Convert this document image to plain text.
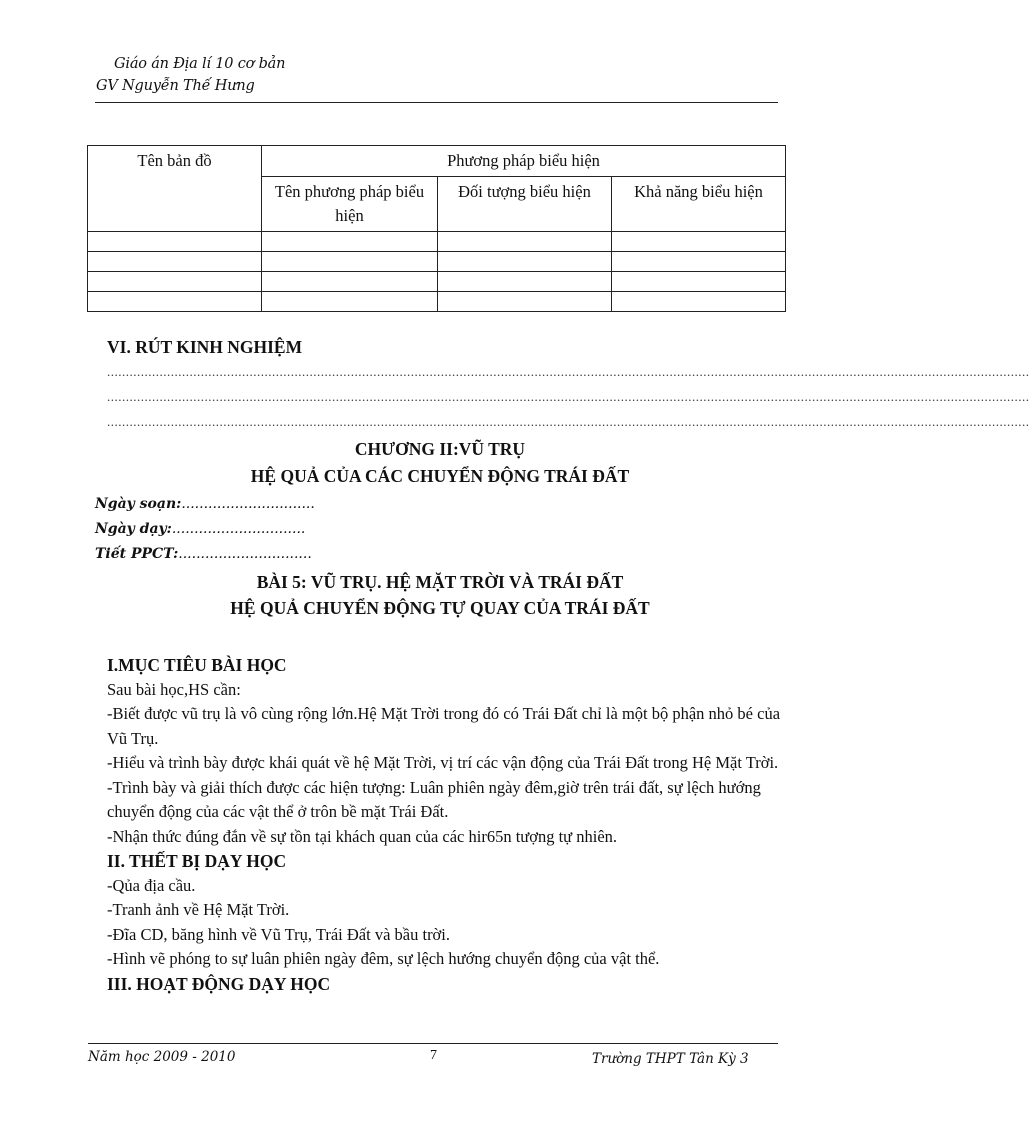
Giáo án Địa lí 10 cơ bản
GV Nguyễn Thế Hưng
Tên bản đồ	Phương pháp biểu hiện		
	Tên phương pháp biểu hiện	Đối tượng biểu hiện	Khả năng biểu hiện

VI. RÚT KINH NGHIỆM
......................................................................................................................................................................................................................................................
......................................................................................................................................................................................................................................................
......................................................................................................................................................................................................................................................
CHƯƠNG II:VŨ TRỤ
HỆ QUẢ CỦA CÁC CHUYỂN ĐỘNG TRÁI ĐẤT
Ngày soạn:..............................
Ngày dạy:..............................
Tiết PPCT:..............................
BÀI 5: VŨ TRỤ. HỆ MẶT TRỜI VÀ TRÁI ĐẤT
HỆ QUẢ CHUYỂN ĐỘNG TỰ QUAY CỦA TRÁI ĐẤT

I.MỤC TIÊU BÀI HỌC

Sau bài học,HS cần:

-Biết được vũ trụ là vô cùng rộng lớn.Hệ Mặt Trời trong đó có Trái Đất chỉ là một bộ phận nhỏ bé của Vũ Trụ.

-Hiểu và trình bày được khái quát về hệ Mặt Trời, vị trí các vận động của Trái Đất trong Hệ Mặt Trời.

-Trình bày và giải thích được các hiện tượng: Luân phiên ngày đêm,giờ trên trái đất, sự lệch hướng chuyển động của các vật thể ở trôn bề mặt Trái Đất.

-Nhận thức đúng đắn về sự tồn tại khách quan của các hir65n tượng tự nhiên.

II. THẾT BỊ DẠY HỌC

-Qủa địa cầu.

-Tranh ảnh về Hệ Mặt Trời.

-Đĩa CD, băng hình về Vũ Trụ, Trái Đất và bầu trời.

-Hình vẽ phóng to sự luân phiên ngày đêm, sự lệch hướng chuyển động của vật thể.

III. HOẠT ĐỘNG DẠY HỌC

Năm học 2009 - 2010	7	Trường THPT Tân Kỳ 3
